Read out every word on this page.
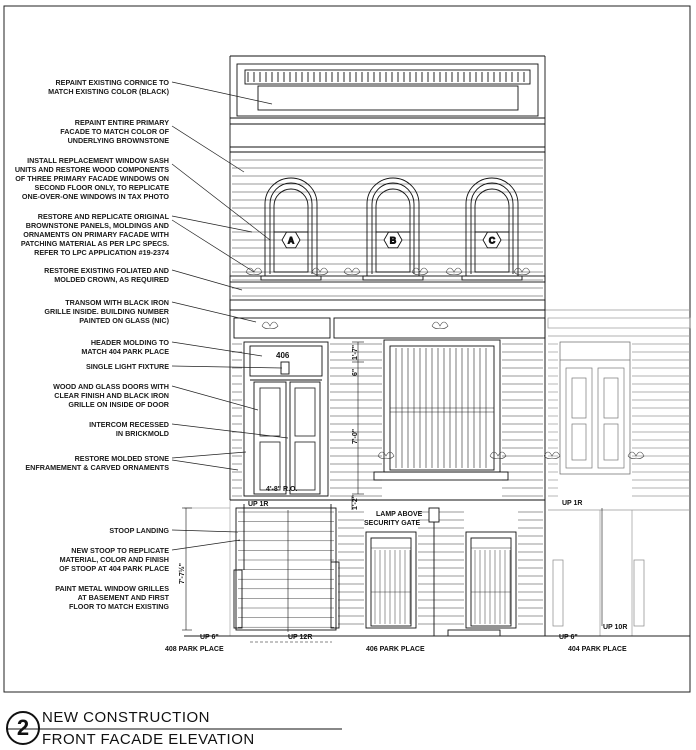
A	B	C
4'-8" R.O.
7'-0"
1'-7"
6"
1'-2"
7'-7½"
406
UP 1R	UP 1R
UP 6"	UP 6"
UP 12R
UP 10R
408 PARK PLACE	406 PARK PLACE	404 PARK PLACE
LAMP ABOVE SECURITY GATE
REPAINT EXISTING CORNICE TO
MATCH EXISTING COLOR (BLACK)
REPAINT ENTIRE PRIMARY
FACADE TO MATCH COLOR OF
UNDERLYING BROWNSTONE
INSTALL REPLACEMENT WINDOW SASH
UNITS AND RESTORE WOOD COMPONENTS
OF THREE PRIMARY FACADE WINDOWS ON
SECOND FLOOR ONLY, TO REPLICATE
ONE-OVER-ONE WINDOWS IN TAX PHOTO
RESTORE AND REPLICATE ORIGINAL
BROWNSTONE PANELS, MOLDINGS AND
ORNAMENTS ON PRIMARY FACADE WITH
PATCHING MATERIAL AS PER LPC SPECS.
REFER TO LPC APPLICATION #19-2374
RESTORE EXISTING FOLIATED AND
MOLDED CROWN, AS REQUIRED
TRANSOM WITH BLACK IRON
GRILLE INSIDE. BUILDING NUMBER
PAINTED ON GLASS (NIC)
HEADER MOLDING TO
MATCH 404 PARK PLACE
SINGLE LIGHT FIXTURE
WOOD AND GLASS DOORS WITH
CLEAR FINISH AND BLACK IRON
GRILLE ON INSIDE OF DOOR
INTERCOM RECESSED
IN BRICKMOLD
RESTORE MOLDED STONE
ENFRAMEMENT & CARVED ORNAMENTS
STOOP LANDING
NEW STOOP TO REPLICATE
MATERIAL, COLOR AND FINISH
OF STOOP AT 404 PARK PLACE
PAINT METAL WINDOW GRILLES
AT BASEMENT AND FIRST
FLOOR TO MATCH EXISTING
2 NEW CONSTRUCTION
FRONT FACADE ELEVATION
